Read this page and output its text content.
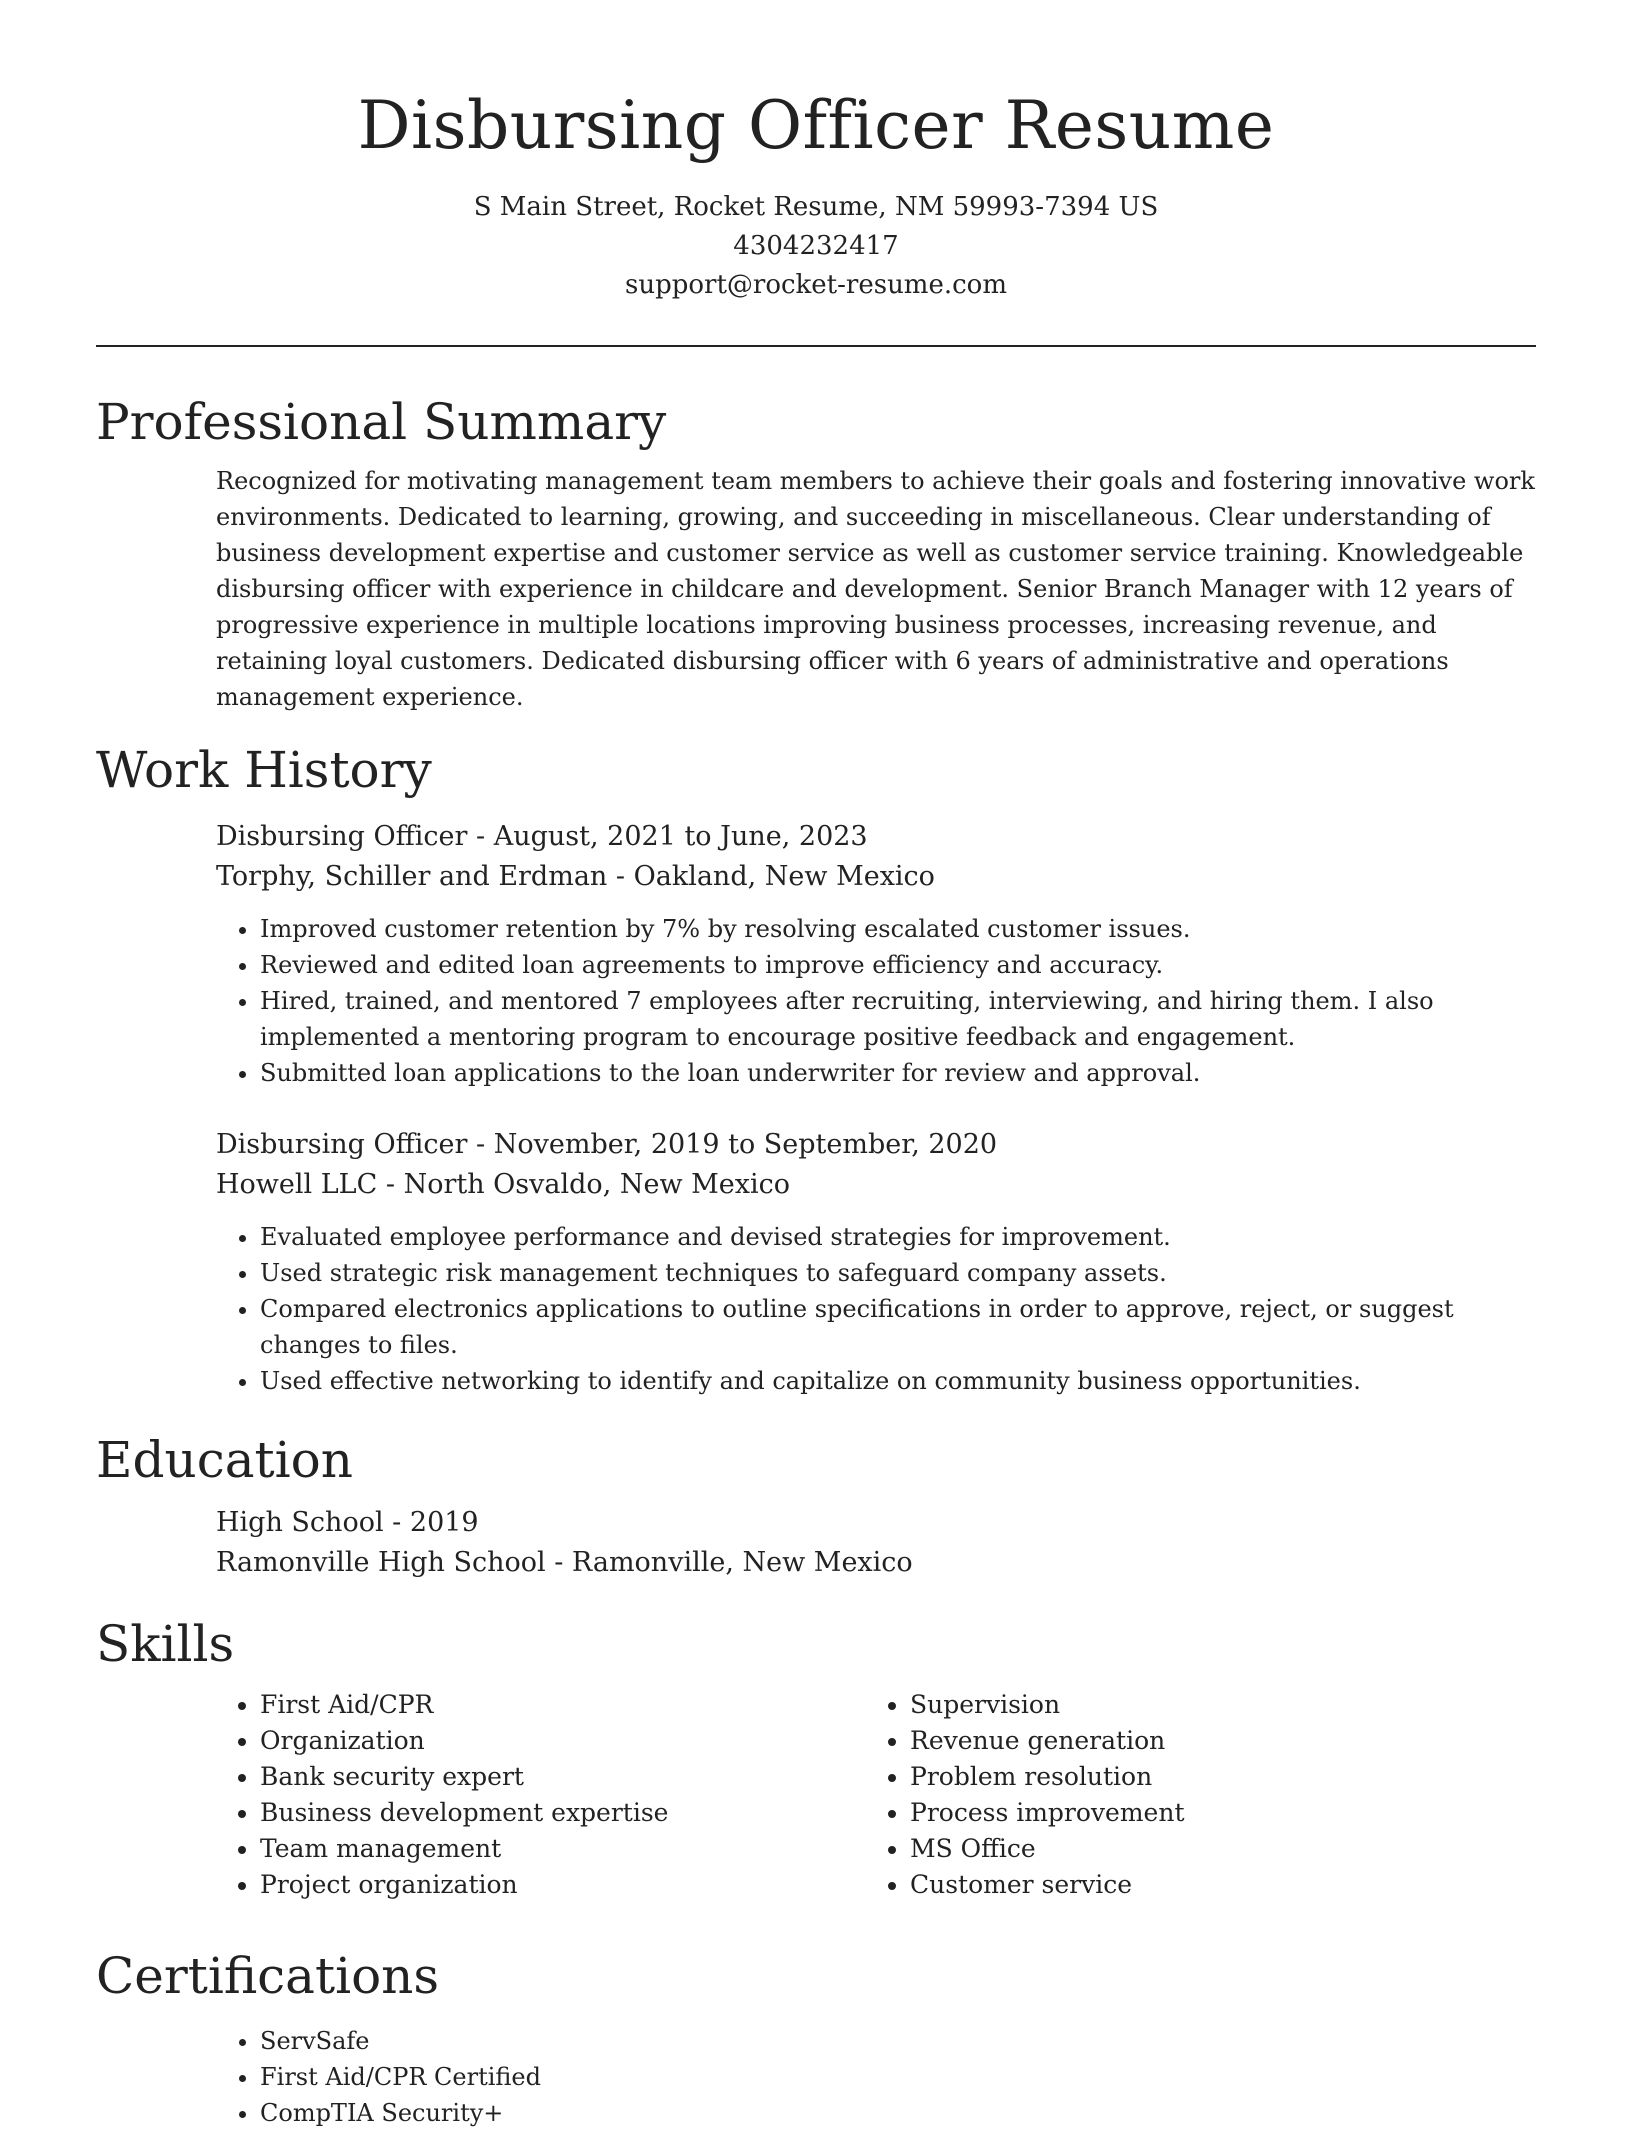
Disbursing Officer Resume
S Main Street, Rocket Resume, NM 59993-7394 US
4304232417
support@rocket-resume.com
Professional Summary

Recognized for motivating management team members to achieve their goals and fostering innovative work environments. Dedicated to learning, growing, and succeeding in miscellaneous. Clear understanding of business development expertise and customer service as well as customer service training. Knowledgeable disbursing officer with experience in childcare and development. Senior Branch Manager with 12 years of progressive experience in multiple locations improving business processes, increasing revenue, and retaining loyal customers. Dedicated disbursing officer with 6 years of administrative and operations management experience.

Work History

Disbursing Officer - August, 2021 to June, 2023

Torphy, Schiller and Erdman - Oakland, New Mexico

• Improved customer retention by 7% by resolving escalated customer issues.
• Reviewed and edited loan agreements to improve efficiency and accuracy.
• Hired, trained, and mentored 7 employees after recruiting, interviewing, and hiring them. I also implemented a mentoring program to encourage positive feedback and engagement.
• Submitted loan applications to the loan underwriter for review and approval.

Disbursing Officer - November, 2019 to September, 2020

Howell LLC - North Osvaldo, New Mexico

• Evaluated employee performance and devised strategies for improvement.
• Used strategic risk management techniques to safeguard company assets.
• Compared electronics applications to outline specifications in order to approve, reject, or suggest changes to files.
• Used effective networking to identify and capitalize on community business opportunities.
Education

High School - 2019

Ramonville High School - Ramonville, New Mexico

Skills
• First Aid/CPR
• Organization
• Bank security expert
• Business development expertise
• Team management
• Project organization
• Supervision
• Revenue generation
• Problem resolution
• Process improvement
• MS Office
• Customer service
Certifications
• ServSafe
• First Aid/CPR Certified
• CompTIA Security+
